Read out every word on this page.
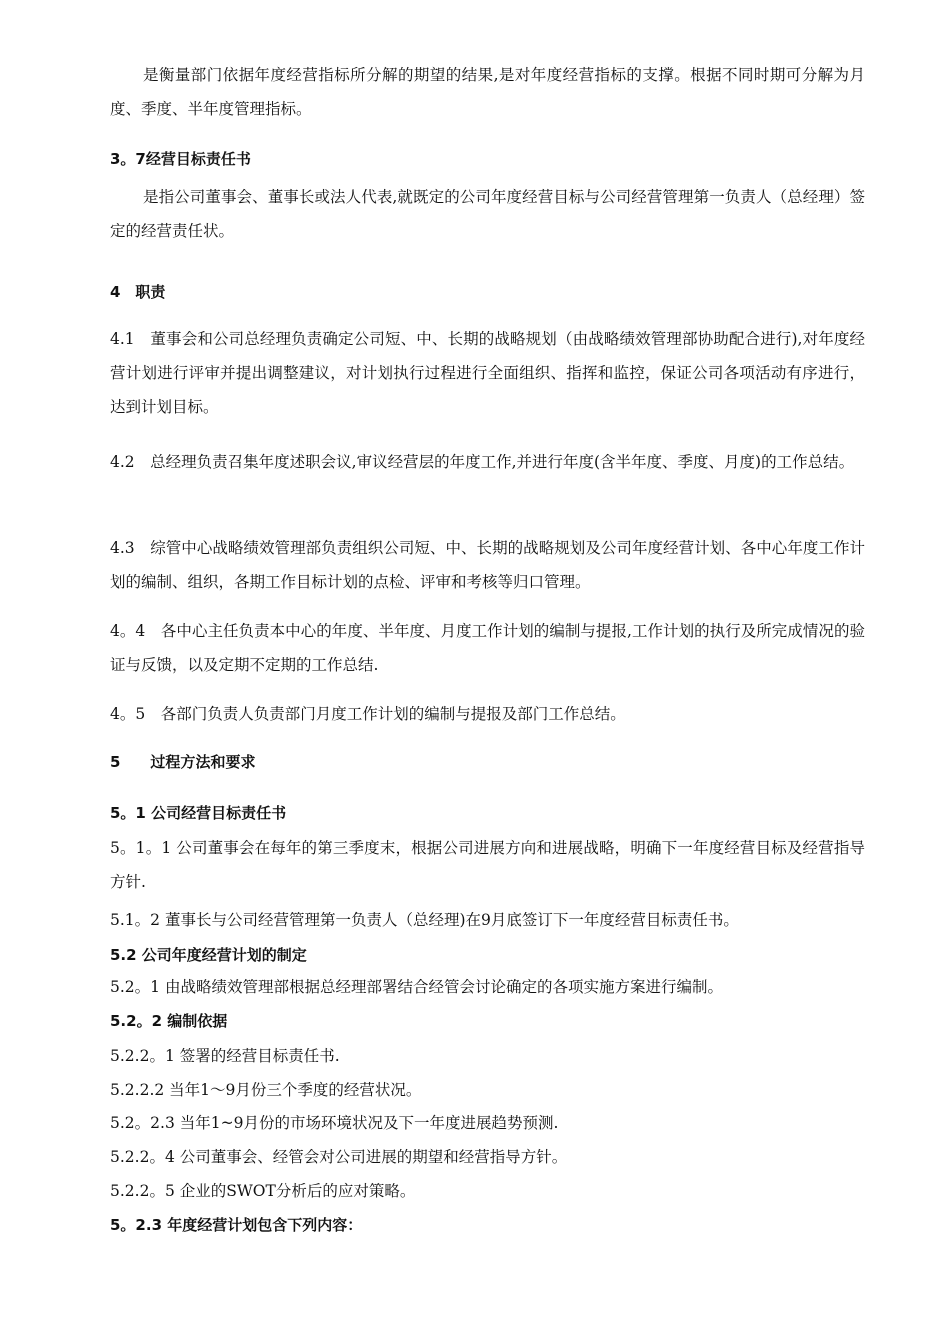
是衡量部门依据年度经营指标所分解的期望的结果,是对年度经营指标的支撑。根据不同时期可分解为月度、季度、半年度管理指标。
3。7经营目标责任书
是指公司董事会、董事长或法人代表,就既定的公司年度经营目标与公司经营管理第一负责人（总经理）签定的经营责任状。
4　职责
4.1　董事会和公司总经理负责确定公司短、中、长期的战略规划（由战略绩效管理部协助配合进行),对年度经营计划进行评审并提出调整建议，对计划执行过程进行全面组织、指挥和监控，保证公司各项活动有序进行，达到计划目标。
4.2　总经理负责召集年度述职会议,审议经营层的年度工作,并进行年度(含半年度、季度、月度)的工作总结。
4.3　综管中心战略绩效管理部负责组织公司短、中、长期的战略规划及公司年度经营计划、各中心年度工作计划的编制、组织，各期工作目标计划的点检、评审和考核等归口管理。
4。4　各中心主任负责本中心的年度、半年度、月度工作计划的编制与提报,工作计划的执行及所完成情况的验证与反馈，以及定期不定期的工作总结.
4。5　各部门负责人负责部门月度工作计划的编制与提报及部门工作总结。
5　　过程方法和要求
5。1 公司经营目标责任书
5。1。1 公司董事会在每年的第三季度末，根据公司进展方向和进展战略，明确下一年度经营目标及经营指导方针.
5.1。2 董事长与公司经营管理第一负责人（总经理)在9月底签订下一年度经营目标责任书。
5.2 公司年度经营计划的制定
5.2。1 由战略绩效管理部根据总经理部署结合经管会讨论确定的各项实施方案进行编制。
5.2。2 编制依据
5.2.2。1 签署的经营目标责任书.
5.2.2.2 当年1～9月份三个季度的经营状况。
5.2。2.3 当年1~9月份的市场环境状况及下一年度进展趋势预测.
5.2.2。4 公司董事会、经管会对公司进展的期望和经营指导方针。
5.2.2。5 企业的SWOT分析后的应对策略。
5。2.3 年度经营计划包含下列内容：
